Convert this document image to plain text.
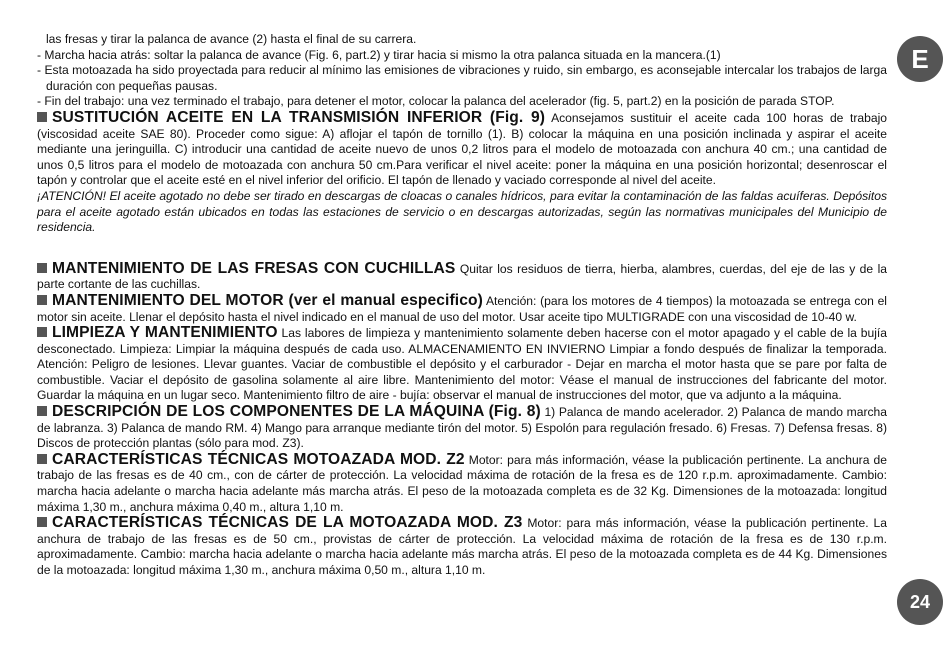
las fresas y tirar la palanca de avance (2) hasta el final de su carrera.

- Marcha hacia atrás: soltar la palanca de avance (Fig. 6, part.2) y tirar hacia si mismo la otra palanca situada en la mancera.(1)

- Esta motoazada ha sido proyectada para reducir al mínimo las emisiones de vibraciones y ruido, sin embargo, es aconsejable intercalar los trabajos de larga duración con pequeñas pausas.

- Fin del trabajo: una vez terminado el trabajo, para detener el motor, colocar la palanca del acelerador (fig. 5, part.2) en la posición de parada STOP.

SUSTITUCIÓN ACEITE EN LA TRANSMISIÓN INFERIOR (Fig. 9) Aconsejamos sustituir el aceite cada 100 horas de trabajo (viscosidad aceite SAE 80). Proceder como sigue: A) aflojar el tapón de tornillo (1). B) colocar la máquina en una posición inclinada y aspirar el aceite mediante una jeringuilla. C) introducir una cantidad de aceite nuevo de unos 0,2 litros para el modelo de motoazada con anchura 40 cm.; una cantidad de unos 0,5 litros para el modelo de motoazada con anchura 50 cm.Para verificar el nivel aceite: poner la máquina en una posición horizontal; desenroscar el tapón y controlar que el aceite esté en el nivel inferior del orificio. El tapón de llenado y vaciado corresponde al nivel del aceite.

¡ATENCIÓN! El aceite agotado no debe ser tirado en descargas de cloacas o canales hídricos, para evitar la contaminación de las faldas acuíferas. Depósitos para el aceite agotado están ubicados en todas las estaciones de servicio o en descargas autorizadas, según las normativas municipales del Municipio de residencia.

MANTENIMIENTO DE LAS FRESAS CON CUCHILLAS Quitar los residuos de tierra, hierba, alambres, cuerdas, del eje de las y de la parte cortante de las cuchillas.

MANTENIMIENTO DEL MOTOR (ver el manual especifico) Atención: (para los motores de 4 tiempos) la motoazada se entrega con el motor sin aceite. Llenar el depósito hasta el nivel indicado en el manual de uso del motor. Usar aceite tipo MULTIGRADE con una viscosidad de 10-40 w.

LIMPIEZA Y MANTENIMIENTO Las labores de limpieza y mantenimiento solamente deben hacerse con el motor apagado y el cable de la bujía desconectado. Limpieza: Limpiar la máquina después de cada uso. ALMACENAMIENTO EN INVIERNO Limpiar a fondo después de finalizar la temporada. Atención: Peligro de lesiones. Llevar guantes. Vaciar de combustible el depósito y el carburador - Dejar en marcha el motor hasta que se pare por falta de combustible. Vaciar el depósito de gasolina solamente al aire libre. Mantenimiento del motor: Véase el manual de instrucciones del fabricante del motor. Guardar la máquina en un lugar seco. Mantenimiento filtro de aire - bujía: observar el manual de instrucciones del motor, que va adjunto a la máquina.

DESCRIPCIÓN DE LOS COMPONENTES DE LA MÁQUINA (Fig. 8) 1) Palanca de mando acelerador. 2) Palanca de mando marcha de labranza. 3) Palanca de mando RM. 4) Mango para arranque mediante tirón del motor. 5) Espolón para regulación fresado. 6) Fresas. 7) Defensa fresas. 8) Discos de protección plantas (sólo para mod. Z3).

CARACTERÍSTICAS TÉCNICAS MOTOAZADA MOD. Z2 Motor: para más información, véase la publicación pertinente. La anchura de trabajo de las fresas es de 40 cm., con de cárter de protección. La velocidad máxima de rotación de la fresa es de 120 r.p.m. aproximadamente. Cambio: marcha hacia adelante o marcha hacia adelante más marcha atrás. El peso de la motoazada completa es de 32 Kg. Dimensiones de la motoazada: longitud máxima 1,30 m., anchura máxima 0,40 m., altura 1,10 m.

CARACTERÍSTICAS TÉCNICAS DE LA MOTOAZADA MOD. Z3 Motor: para más información, véase la publicación pertinente. La anchura de trabajo de las fresas es de 50 cm., provistas de cárter de protección. La velocidad máxima de rotación de la fresa es de 130 r.p.m. aproximadamente. Cambio: marcha hacia adelante o marcha hacia adelante más marcha atrás. El peso de la motoazada completa es de 44 Kg. Dimensiones de la motoazada: longitud máxima 1,30 m., anchura máxima 0,50 m., altura 1,10 m.

E
24
